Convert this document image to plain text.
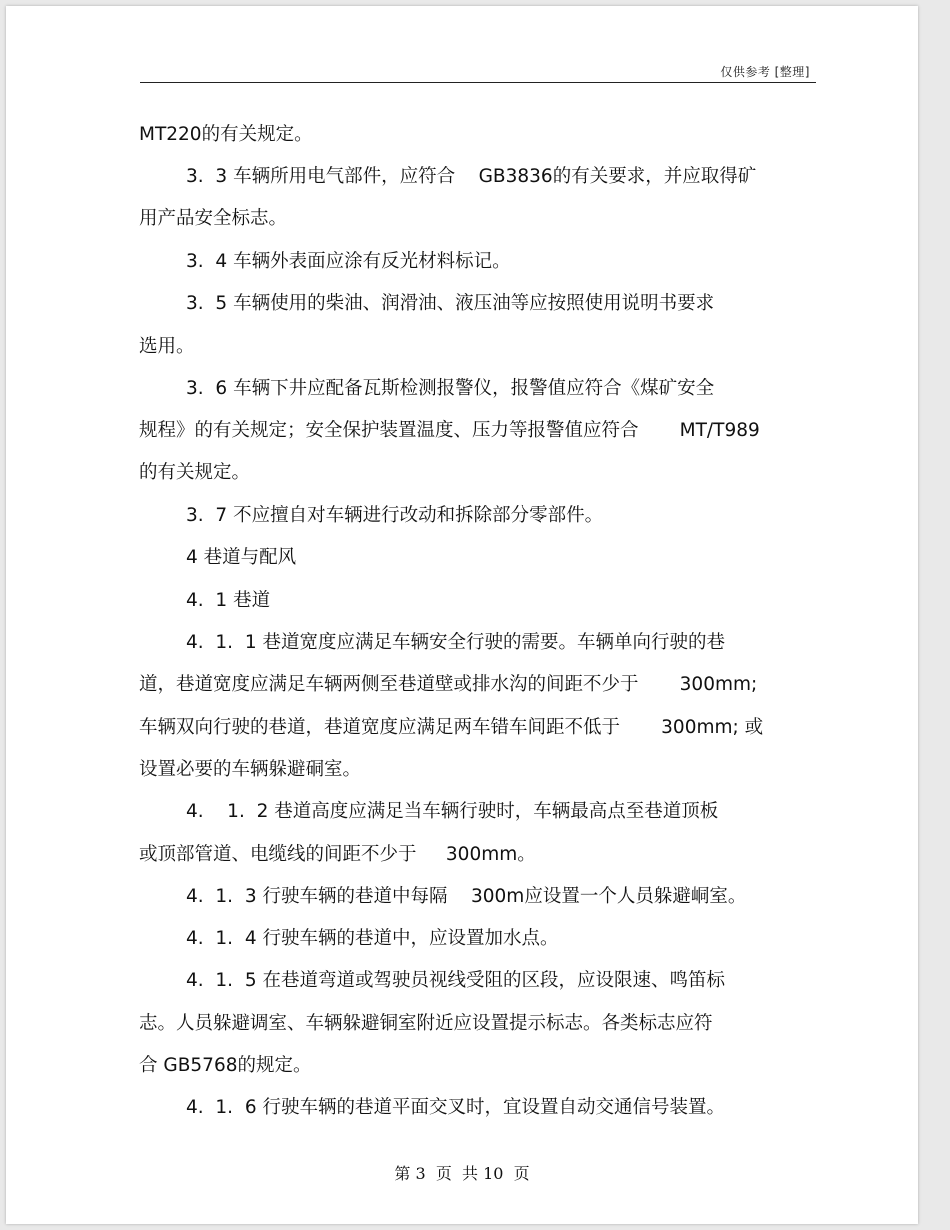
仅供参考 [整理]
MT220的有关规定。
3.  3 车辆所用电气部件，应符合    GB3836的有关要求，并应取得矿
用产品安全标志。
3.  4 车辆外表面应涂有反光材料标记。
3.  5 车辆使用的柴油、润滑油、液压油等应按照使用说明书要求
选用。
3.  6 车辆下井应配备瓦斯检测报警仪，报警值应符合《煤矿安全
规程》的有关规定；安全保护装置温度、压力等报警值应符合       MT/T989
的有关规定。
3.  7 不应擅自对车辆进行改动和拆除部分零部件。
4 巷道与配风
4.  1 巷道
4.  1.  1 巷道宽度应满足车辆安全行驶的需要。车辆单向行驶的巷
道，巷道宽度应满足车辆两侧至巷道壁或排水沟的间距不少于       300mm;
车辆双向行驶的巷道，巷道宽度应满足两车错车间距不低于       300mm; 或
设置必要的车辆躲避硐室。
4.    1.  2 巷道高度应满足当车辆行驶时，车辆最高点至巷道顶板
或顶部管道、电缆线的间距不少于     300mm。
4.  1.  3 行驶车辆的巷道中每隔    300m应设置一个人员躲避峒室。
4.  1.  4 行驶车辆的巷道中，应设置加水点。
4.  1.  5 在巷道弯道或驾驶员视线受阻的区段，应设限速、鸣笛标
志。人员躲避调室、车辆躲避铜室附近应设置提示标志。各类标志应符
合 GB5768的规定。
4.  1.  6 行驶车辆的巷道平面交叉时，宜设置自动交通信号装置。
第 3  页  共 10  页
